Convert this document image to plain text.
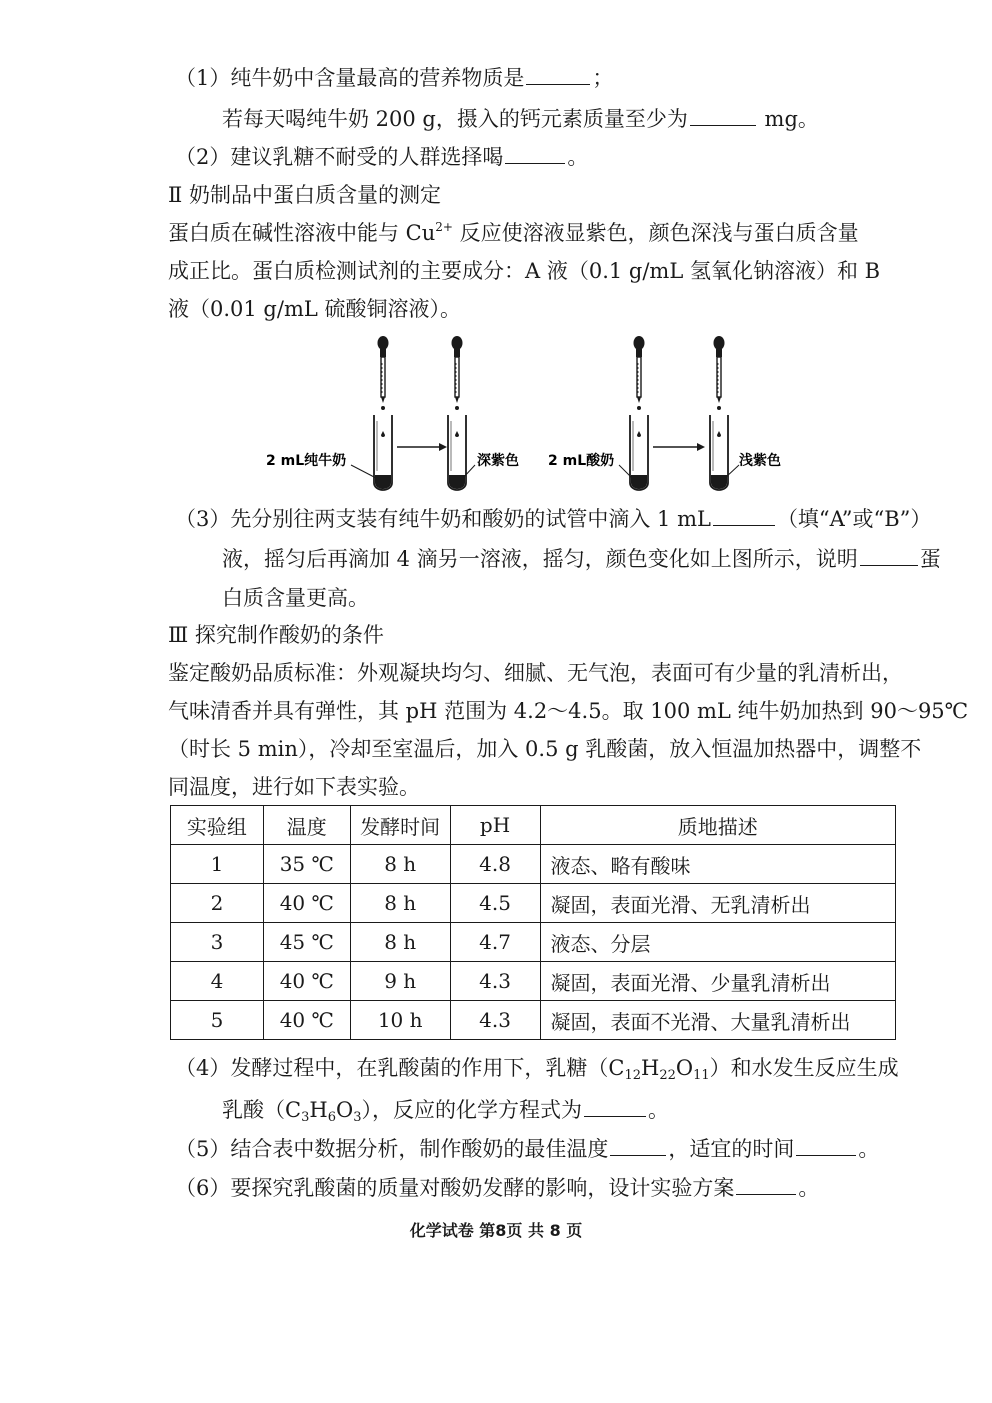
（1）纯牛奶中含量最高的营养物质是	；
若每天喝纯牛奶 200 g，摄入的钙元素质量至少为	mg。
（2）建议乳糖不耐受的人群选择喝	。
Ⅱ 奶制品中蛋白质含量的测定
蛋白质在碱性溶液中能与 $Cu^{2+}$ 反应使溶液显紫色，颜色深浅与蛋白质含量
成正比。蛋白质检测试剂的主要成分：A 液（0.1 g/mL 氢氧化钠溶液）和 B
液（0.01 g/mL 硫酸铜溶液）。
2 mL纯牛奶	深紫色 2 mL酸奶	浅紫色
（3）先分别往两支装有纯牛奶和酸奶的试管中滴入 1 mL	（填“A”或“B”）
液，摇匀后再滴加 4 滴另一溶液，摇匀，颜色变化如上图所示，说明	蛋
白质含量更高。
Ⅲ 探究制作酸奶的条件
鉴定酸奶品质标准：外观凝块均匀、细腻、无气泡，表面可有少量的乳清析出，
气味清香并具有弹性，其 pH 范围为 4.2～4.5。取 100 mL 纯牛奶加热到 90～95℃
（时长 5 min），冷却至室温后，加入 0.5 g 乳酸菌，放入恒温加热器中，调整不
同温度，进行如下表实验。
实验组	温度	发酵时间	pH	质地描述
1	35 ℃	8 h	4.8	液态、略有酸味
2	40 ℃	8 h	4.5	凝固，表面光滑、无乳清析出
3	45 ℃	8 h	4.7	液态、分层
4	40 ℃	9 h	4.3	凝固，表面光滑、少量乳清析出
5	40 ℃	10 h	4.3	凝固，表面不光滑、大量乳清析出
（4）发酵过程中，在乳酸菌的作用下，乳糖$(C_{12}H_{22}O_{11})$和水发生反应生成
乳酸$(C_3H_6O_3)$，反应的化学方程式为	。
（5）结合表中数据分析，制作酸奶的最佳温度	，适宜的时间	。
（6）要探究乳酸菌的质量对酸奶发酵的影响，设计实验方案	。
化学试卷 第8页 共 8 页
